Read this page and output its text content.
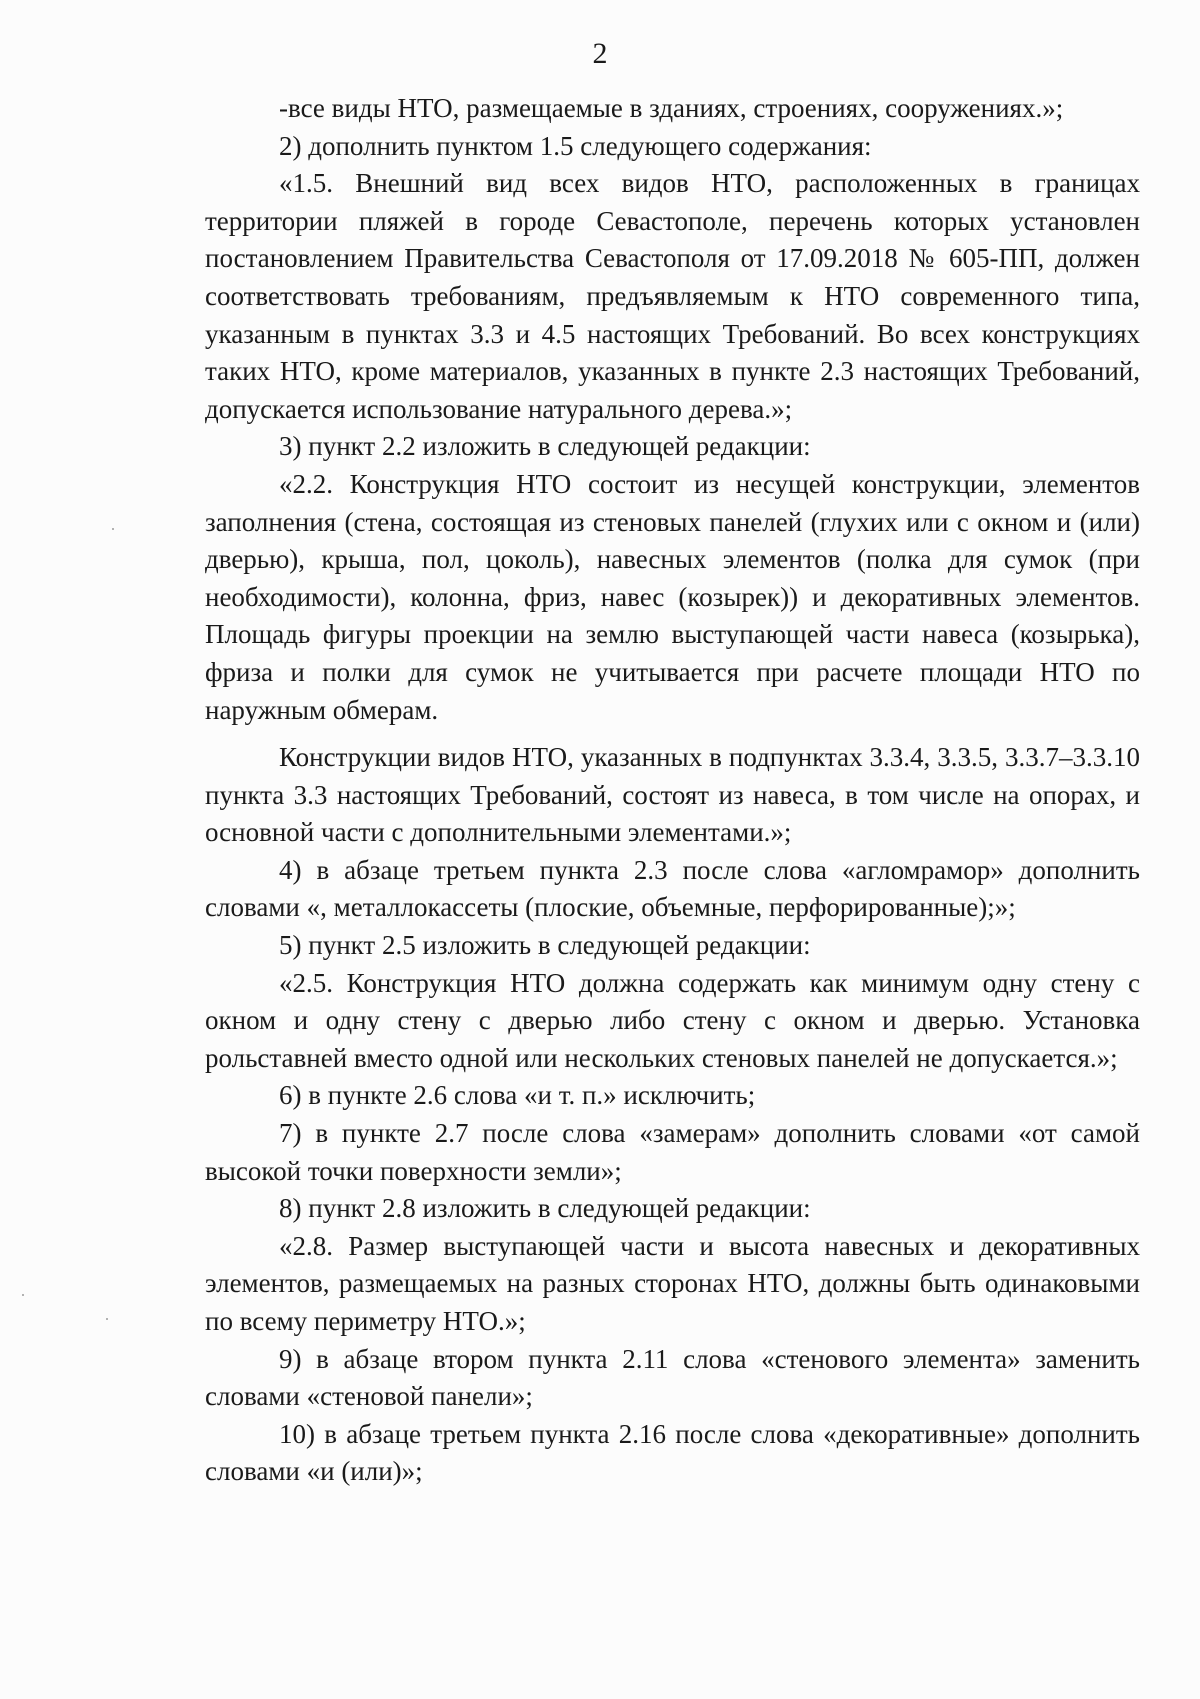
2

-все виды НТО, размещаемые в зданиях, строениях, сооружениях.»;

2) дополнить пунктом 1.5 следующего содержания:

«1.5. Внешний вид всех видов НТО, расположенных в границах территории пляжей в городе Севастополе, перечень которых установлен постановлением Правительства Севастополя от 17.09.2018 № 605-ПП, должен соответствовать требованиям, предъявляемым к НТО современного типа, указанным в пунктах 3.3 и 4.5 настоящих Требований. Во всех конструкциях таких НТО, кроме материалов, указанных в пункте 2.3 настоящих Требований, допускается использование натурального дерева.»;

3) пункт 2.2 изложить в следующей редакции:

«2.2. Конструкция НТО состоит из несущей конструкции, элементов заполнения (стена, состоящая из стеновых панелей (глухих или с окном и (или) дверью), крыша, пол, цоколь), навесных элементов (полка для сумок (при необходимости), колонна, фриз, навес (козырек)) и декоративных элементов. Площадь фигуры проекции на землю выступающей части навеса (козырька), фриза и полки для сумок не учитывается при расчете площади НТО по наружным обмерам.

Конструкции видов НТО, указанных в подпунктах 3.3.4, 3.3.5, 3.3.7–3.3.10 пункта 3.3 настоящих Требований, состоят из навеса, в том числе на опорах, и основной части с дополнительными элементами.»;

4) в абзаце третьем пункта 2.3 после слова «агломрамор» дополнить словами «, металлокассеты (плоские, объемные, перфорированные);»;

5) пункт 2.5 изложить в следующей редакции:

«2.5. Конструкция НТО должна содержать как минимум одну стену с окном и одну стену с дверью либо стену с окном и дверью. Установка рольставней вместо одной или нескольких стеновых панелей не допускается.»;

6) в пункте 2.6 слова «и т. п.» исключить;

7) в пункте 2.7 после слова «замерам» дополнить словами «от самой высокой точки поверхности земли»;

8) пункт 2.8 изложить в следующей редакции:

«2.8. Размер выступающей части и высота навесных и декоративных элементов, размещаемых на разных сторонах НТО, должны быть одинаковыми по всему периметру НТО.»;

9) в абзаце втором пункта 2.11 слова «стенового элемента» заменить словами «стеновой панели»;

10) в абзаце третьем пункта 2.16 после слова «декоративные» дополнить словами «и (или)»;
